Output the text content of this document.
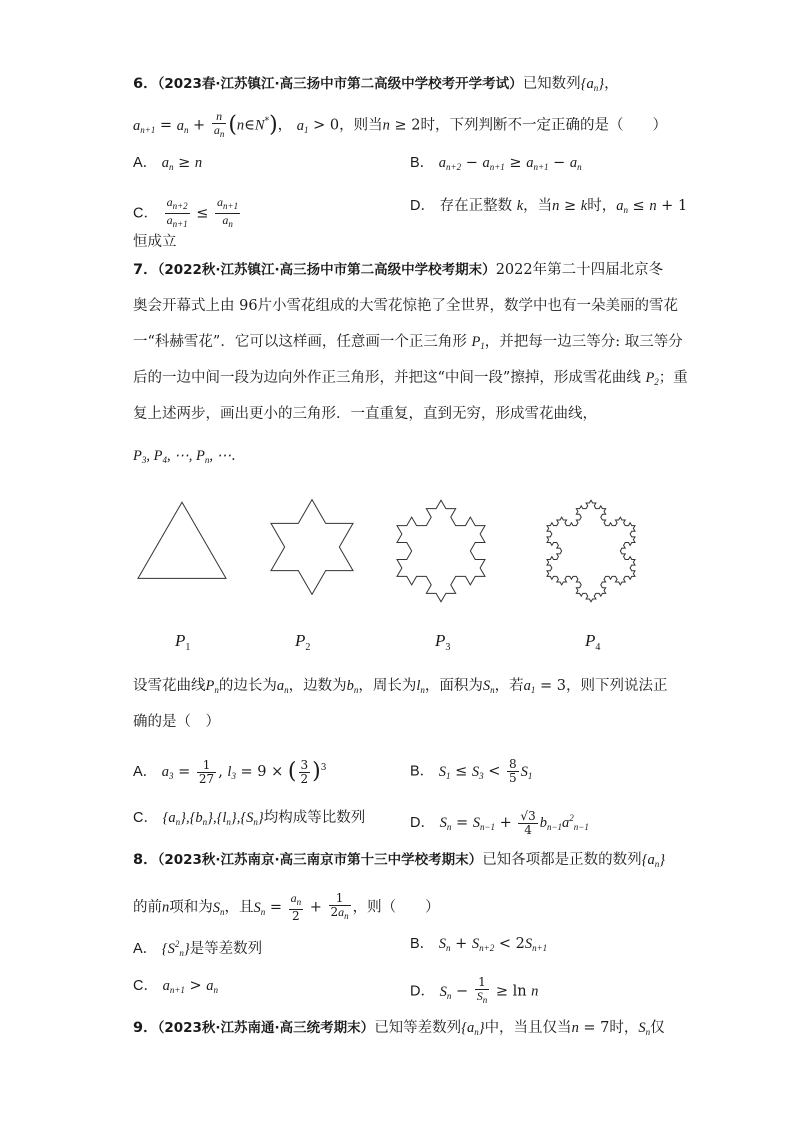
6．（2023春·江苏镇江·高三扬中市第二高级中学校考开学考试）已知数列$\{a_n\}$，
$a_{n+1} = a_n + \frac{n}{a_n}$ (n∈N*)， $a_1 > 0$，则当n ≥ 2时，下列判断不一定正确的是（　　）
A． $a_n \ge n$	B． $a_{n+2} - a_{n+1} \ge a_{n+1} - a_n$
C． $\frac{a_{n+2}}{a_{n+1}} \le \frac{a_{n+1}}{a_n}$	D． 存在正整数 k，当n ≥ k时，$a_n \le n + 1$
恒成立
7．（2022秋·江苏镇江·高三扬中市第二高级中学校考期末）2022年第二十四届北京冬
奥会开幕式上由 96片小雪花组成的大雪花惊艳了全世界，数学中也有一朵美丽的雪花
一“科赫雪花”．它可以这样画，任意画一个正三角形 $P_1$，并把每一边三等分: 取三等分
后的一边中间一段为边向外作正三角形，并把这“中间一段”擦掉，形成雪花曲线 $P_2$；重
复上述两步，画出更小的三角形．一直重复，直到无穷，形成雪花曲线，
$P_3$, $P_4$, ⋯, $P_n$, ⋯．
$P_1$	$P_2$	$P_3$	$P_4$
设雪花曲线$P_n$的边长为$a_n$，边数为$b_n$，周长为$l_n$，面积为$S_n$，若$a_1 = 3$，则下列说法正
确的是（　）
A． $a_3 = \frac{1}{27}$ , $l_3 = 9$ × ( $\frac{3}{2} )^3$	B． $S_1 \le S_3 < \frac{8}{5} S_1$
C． $\{a_n\},\{b_n\},\{l_n\},\{S_n\}$均构成等比数列	D． $S_n = S_{n-1} + \frac{√3}{4} b_{n-1}a^2_{n-1}$
8．（2023秋·江苏南京·高三南京市第十三中学校考期末）已知各项都是正数的数列$\{a_n\}$
的前n项和为$S_n$，且$S_n = \frac{a_n}{2} + \frac{1}{2a_n}$ ，则（　　）
A． $\{S^2_n\}$是等差数列	B． $S_n + S_{n+2} < 2S_{n+1}$
C． $a_{n+1} > a_n$	D． $S_n - \frac{1}{S_n} \ge \ln n$
9．（2023秋·江苏南通·高三统考期末）已知等差数列$\{a_n\}$中，当且仅当n = 7时，$S_n$仅
